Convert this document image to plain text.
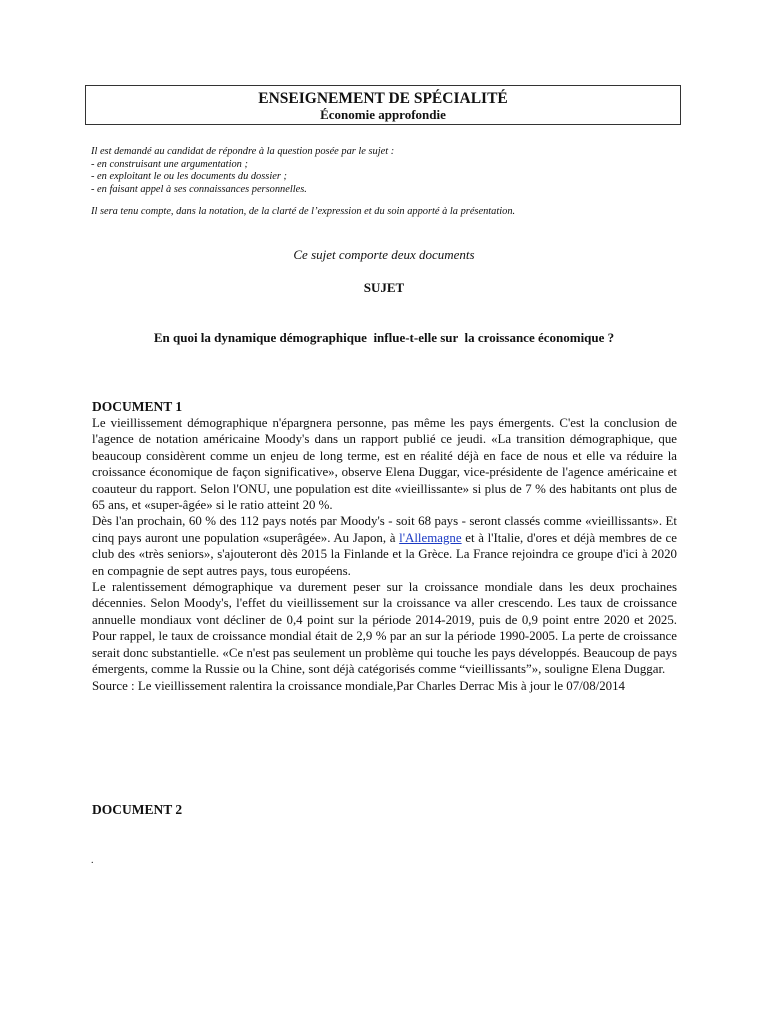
ENSEIGNEMENT DE SPÉCIALITÉ
Économie approfondie
Il est demandé au candidat de répondre à la question posée par le sujet :
- en construisant une argumentation ;
- en exploitant le ou les documents du dossier ;
- en faisant appel à ses connaissances personnelles.
Il sera tenu compte, dans la notation, de la clarté de l’expression et du soin apporté à la présentation.
Ce sujet comporte deux documents
SUJET
En quoi la dynamique démographique  influe-t-elle sur  la croissance économique ?
DOCUMENT 1

Le vieillissement démographique n'épargnera personne, pas même les pays émergents. C'est la conclusion de l'agence de notation américaine Moody's dans un rapport publié ce jeudi. «La transition démographique, que beaucoup considèrent comme un enjeu de long terme, est en réalité déjà en face de nous et elle va réduire la croissance économique de façon significative», observe Elena Duggar, vice-présidente de l'agence américaine et coauteur du rapport. Selon l'ONU, une population est dite «vieillissante» si plus de 7 % des habitants ont plus de 65 ans, et «super-âgée» si le ratio atteint 20 %.

Dès l'an prochain, 60 % des 112 pays notés par Moody's - soit 68 pays - seront classés comme «vieillissants». Et cinq pays auront une population «superâgée». Au Japon, à l'Allemagne et à l'Italie, d'ores et déjà membres de ce club des «très seniors», s'ajouteront dès 2015 la Finlande et la Grèce. La France rejoindra ce groupe d'ici à 2020 en compagnie de sept autres pays, tous européens.

Le ralentissement démographique va durement peser sur la croissance mondiale dans les deux prochaines décennies. Selon Moody's, l'effet du vieillissement sur la croissance va aller crescendo. Les taux de croissance annuelle mondiaux vont décliner de 0,4 point sur la période 2014-2019, puis de 0,9 point entre 2020 et 2025. Pour rappel, le taux de croissance mondial était de 2,9 % par an sur la période 1990-2005. La perte de croissance serait donc substantielle. «Ce n'est pas seulement un problème qui touche les pays développés. Beaucoup de pays émergents, comme la Russie ou la Chine, sont déjà catégorisés comme “vieillissants”», souligne Elena Duggar.

Source : Le vieillissement ralentira la croissance mondiale,Par Charles Derrac Mis à jour le 07/08/2014

DOCUMENT 2
.
